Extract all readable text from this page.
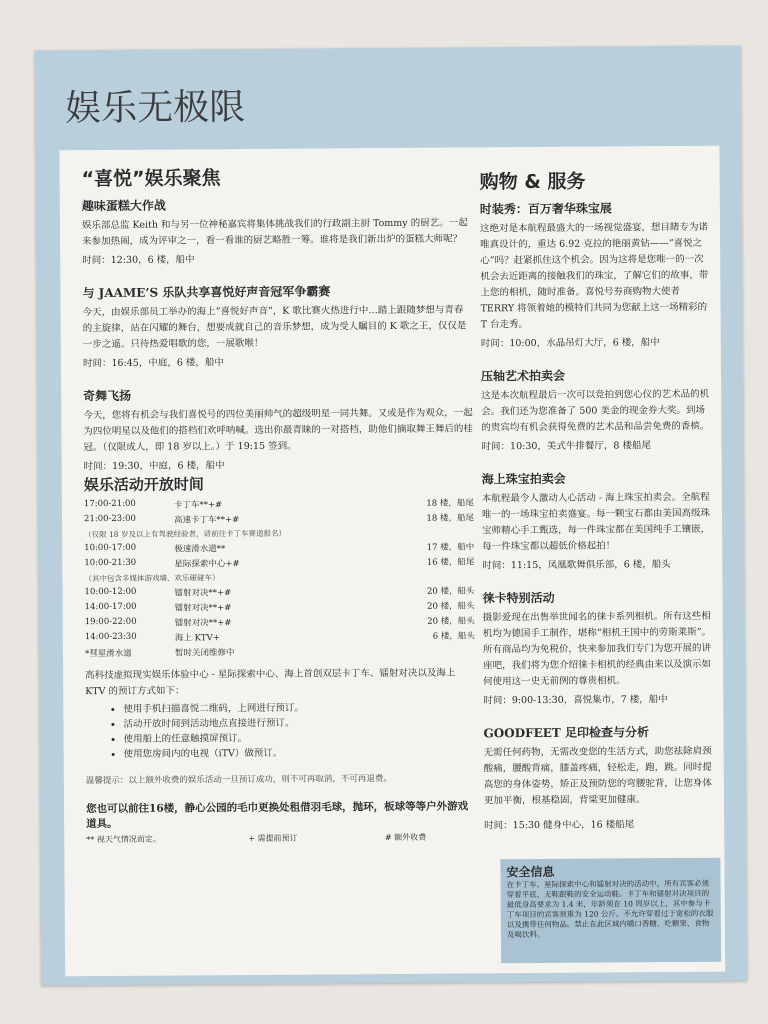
娱乐无极限
“喜悦”娱乐聚焦
趣味蛋糕大作战

娱乐部总监 Keith 和与另一位神秘嘉宾将集体挑战我们的行政副主厨 Tommy 的厨艺。一起来参加热闹，成为评审之一，看一看谁的厨艺略胜一筹。谁将是我们新出炉的蛋糕大师呢？

时间：12:30，6 楼，船中
与 JAAME’S 乐队共享喜悦好声音冠军争霸赛

今天，由娱乐部员工举办的海上“喜悦好声音”，K 歌比赛火热进行中…踏上跟随梦想与青春的主旋律，站在闪耀的舞台，想要成就自己的音乐梦想，成为受人瞩目的 K 歌之王，仅仅是一步之遥。只待热爱唱歌的您，一展歌喉！

时间：16:45，中庭，6 楼，船中
奇舞飞扬

今天，您将有机会与我们喜悦号的四位美丽帅气的超级明星一同共舞。又或是作为观众，一起为四位明星以及他们的搭档们欢呼呐喊。选出你最青睐的一对搭档，助他们摘取舞王舞后的桂冠。（仅限成人，即 18 岁以上。）于 19:15 签到。

时间：19:30，中庭，6 楼，船中
娱乐活动开放时间
17:00-21:00	卡丁车**+#	18 楼，船尾
21:00-23:00	高速卡丁车**+#	18 楼，船尾
（仅限 18 岁及以上有驾驶经验者，请前往卡丁车赛道报名）		
10:00-17:00	极速滑水道**	17 楼，船中
10:00-21:30	星际探索中心+#	16 楼，船尾
（其中包含多媒体游戏墙、欢乐碰碰车）		
10:00-12:00	镭射对决**+#	20 楼，船头
14:00-17:00	镭射对决**+#	20 楼，船头
19:00-22:00	镭射对决**+#	20 楼，船头
14:00-23:30	海上 KTV+	6 楼，船头
*彗星滑水道	暂时关闭维修中	

高科技虚拟现实娱乐体验中心 - 星际探索中心、海上首创双层卡丁车、镭射对决以及海上 KTV 的预订方式如下：

• 使用手机扫描喜悦二维码，上网进行预订。
• 活动开放时间到活动地点直接进行预订。
• 使用船上的任意触摸屏预订。
• 使用您房间内的电视（iTV）做预订。
温馨提示：以上额外收费的娱乐活动一旦预订成功，则不可再取消，不可再退费。
您也可以前往16楼，静心公园的毛巾更换处租借羽毛球，抛环，板球等等户外游戏道具。
** 视天气情况而定。	+ 需提前预订	# 额外收费
购物 & 服务
时装秀：百万奢华珠宝展

这绝对是本航程最盛大的一场视觉盛宴，想目睹专为诺唯真设计的，重达 6.92 克拉的艳丽黄钻——“喜悦之心”吗？赶紧抓住这个机会。因为这将是您唯一的一次机会去近距离的接触我们的珠宝，了解它们的故事，带上您的相机，随时准备。喜悦号券商购物大使者 TERRY 将领着她的模特们共同为您献上这一场精彩的 T 台走秀。

时间：10:00，水晶吊灯大厅，6 楼，船中
压轴艺术拍卖会

这是本次航程最后一次可以竞拍到您心仪的艺术品的机会。我们还为您准备了 500 美金的现金券大奖。到场的贵宾均有机会获得免费的艺术品和品尝免费的香槟。

时间：10:30，美式牛排餐厅，8 楼船尾
海上珠宝拍卖会

本航程最令人激动人心活动 - 海上珠宝拍卖会。全航程唯一的一场珠宝拍卖盛宴。每一颗宝石都由美国高级珠宝师精心手工甄选，每一件珠宝都在美国纯手工镶嵌，每一件珠宝都以超低价格起拍！

时间：11:15，凤凰歌舞俱乐部，6 楼，船头
徕卡特别活动

摄影爱现在出售举世闻名的徕卡系列相机。所有这些相机均为德国手工制作，堪称“相机王国中的劳斯莱斯”。所有商品均为免税价，快来参加我们专门为您开展的讲座吧，我们将为您介绍徕卡相机的经典由来以及演示如何使用这一史无前例的尊贵相机。

时间：9:00-13:30，喜悦集市，7 楼，船中
GOODFEET 足印检查与分析

无需任何药物，无需改变您的生活方式，助您祛除肩颈酸痛，腰酸背痛，膝盖疼痛，轻松走，跑，跳。同时提高您的身体姿势，矫正及预防您的弯腰驼背，让您身体更加平衡，根基稳固，背梁更加健康。

时间：15:30 健身中心，16 楼船尾
安全信息

在卡丁车、星际探索中心和镭射对决的活动中，所有宾客必须穿着平底、无鞋跟鞋的安全运动鞋。卡丁车和镭射对决项目的最低身高要求为 1.4 米，年龄须在 10 周岁以上，其中参与卡丁车项目的宾客须重为 120 公斤。不允许穿着过于宽松的衣服以及携带任何物品。禁止在此区域内嚼口香糖、吃糖果、食物及喝饮料。
